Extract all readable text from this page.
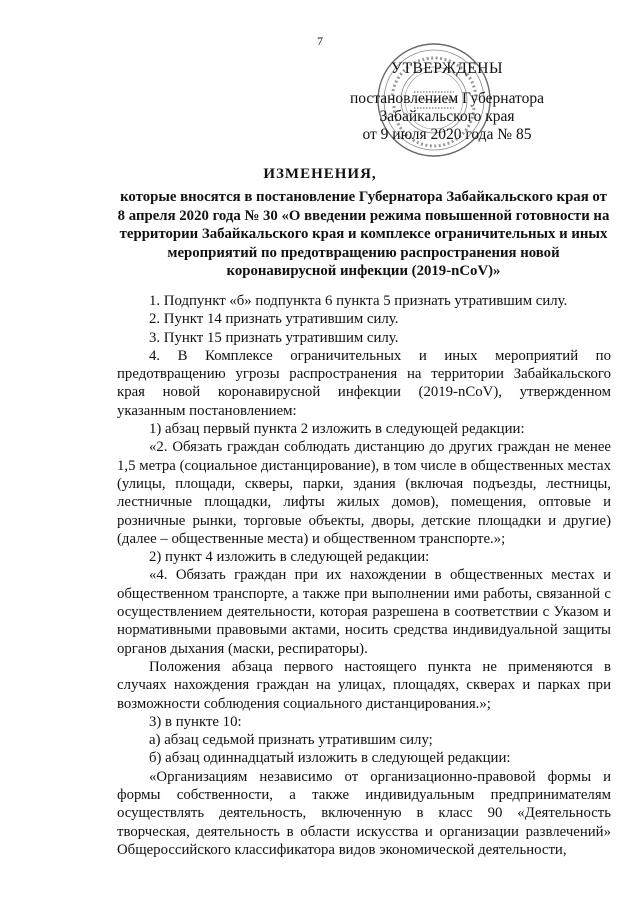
7
УТВЕРЖДЕНЫ
постановлением Губернатора
Забайкальского края
от 9 июля 2020 года № 85
ИЗМЕНЕНИЯ,
которые вносятся в постановление Губернатора Забайкальского края от 8 апреля 2020 года № 30 «О введении режима повышенной готовности на территории Забайкальского края и комплексе ограничительных и иных мероприятий по предотвращению распространения новой коронавирусной инфекции (2019-nCoV)»

1. Подпункт «б» подпункта 6 пункта 5 признать утратившим силу.

2. Пункт 14 признать утратившим силу.

3. Пункт 15 признать утратившим силу.

4. В Комплексе ограничительных и иных мероприятий по предотвращению угрозы распространения на территории Забайкальского края новой коронавирусной инфекции (2019-nCoV), утвержденном указанным постановлением:

1) абзац первый пункта 2 изложить в следующей редакции:

«2. Обязать граждан соблюдать дистанцию до других граждан не менее 1,5 метра (социальное дистанцирование), в том числе в общественных местах (улицы, площади, скверы, парки, здания (включая подъезды, лестницы, лестничные площадки, лифты жилых домов), помещения, оптовые и розничные рынки, торговые объекты, дворы, детские площадки и другие) (далее – общественные места) и общественном транспорте.»;

2) пункт 4 изложить в следующей редакции:

«4. Обязать граждан при их нахождении в общественных местах и общественном транспорте, а также при выполнении ими работы, связанной с осуществлением деятельности, которая разрешена в соответствии с Указом и нормативными правовыми актами, носить средства индивидуальной защиты органов дыхания (маски, респираторы).

Положения абзаца первого настоящего пункта не применяются в случаях нахождения граждан на улицах, площадях, скверах и парках при возможности соблюдения социального дистанцирования.»;

3) в пункте 10:

а) абзац седьмой признать утратившим силу;

б) абзац одиннадцатый изложить в следующей редакции:

«Организациям независимо от организационно-правовой формы и формы собственности, а также индивидуальным предпринимателям осуществлять деятельность, включенную в класс 90 «Деятельность творческая, деятельность в области искусства и организации развлечений» Общероссийского классификатора видов экономической деятельности,
